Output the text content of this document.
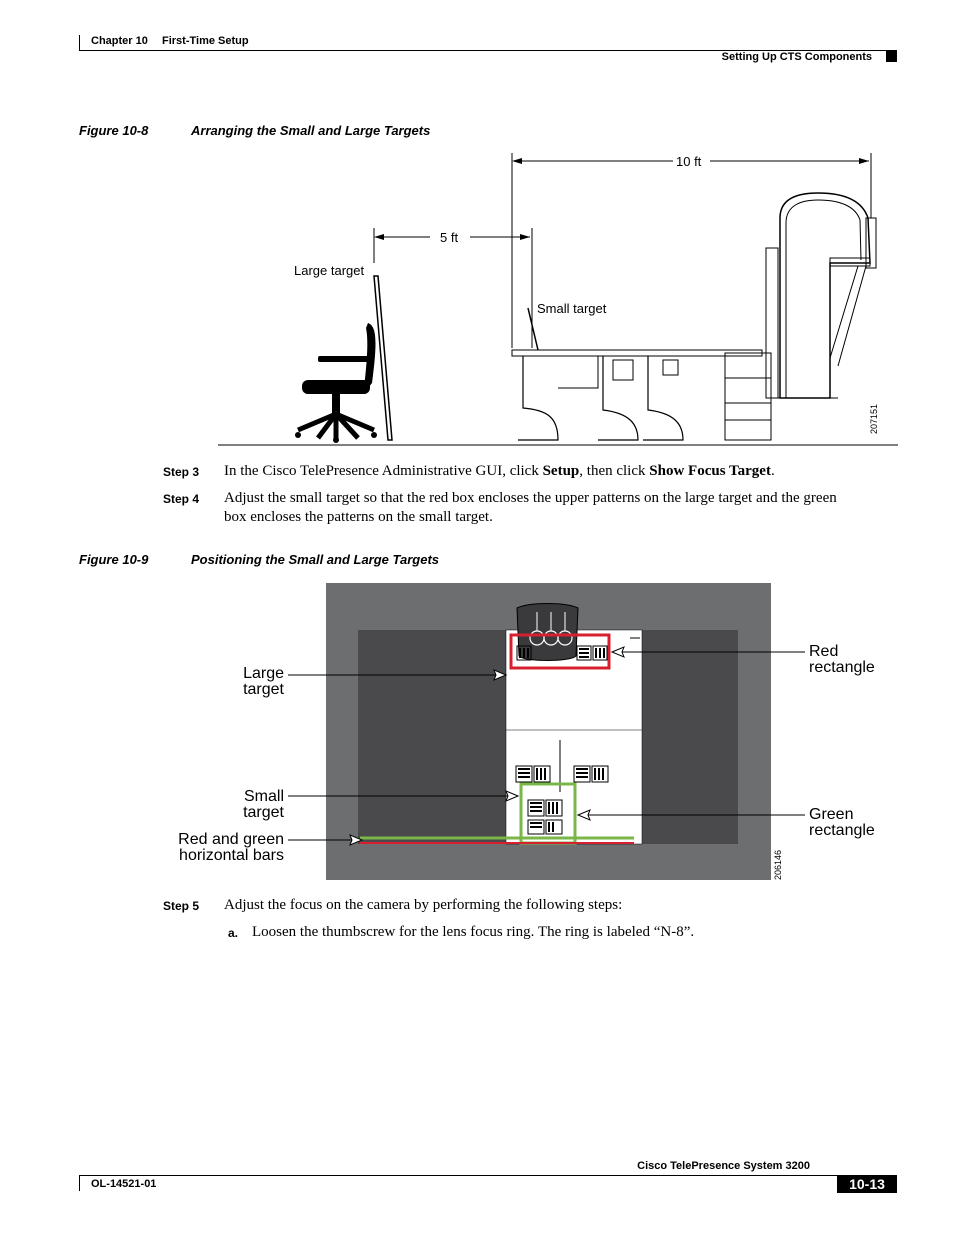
Chapter 10 First-Time Setup
Setting Up CTS Components
Figure 10-8	Arranging the Small and Large Targets
10 ft
5 ft
Large target
Small target
207151
Step 3 In the Cisco TelePresence Administrative GUI, click Setup, then click Show Focus Target.
Step 4 Adjust the small target so that the red box encloses the upper patterns on the large target and the green
box encloses the patterns on the small target.
Figure 10-9	Positioning the Small and Large Targets
Large
target
Small
target
Red and green
horizontal bars
Red
rectangle
Green
rectangle
206146
Step 5 Adjust the focus on the camera by performing the following steps:
a. Loosen the thumbscrew for the lens focus ring. The ring is labeled “N-8”.
Cisco TelePresence System 3200
OL-14521-01	10-13
